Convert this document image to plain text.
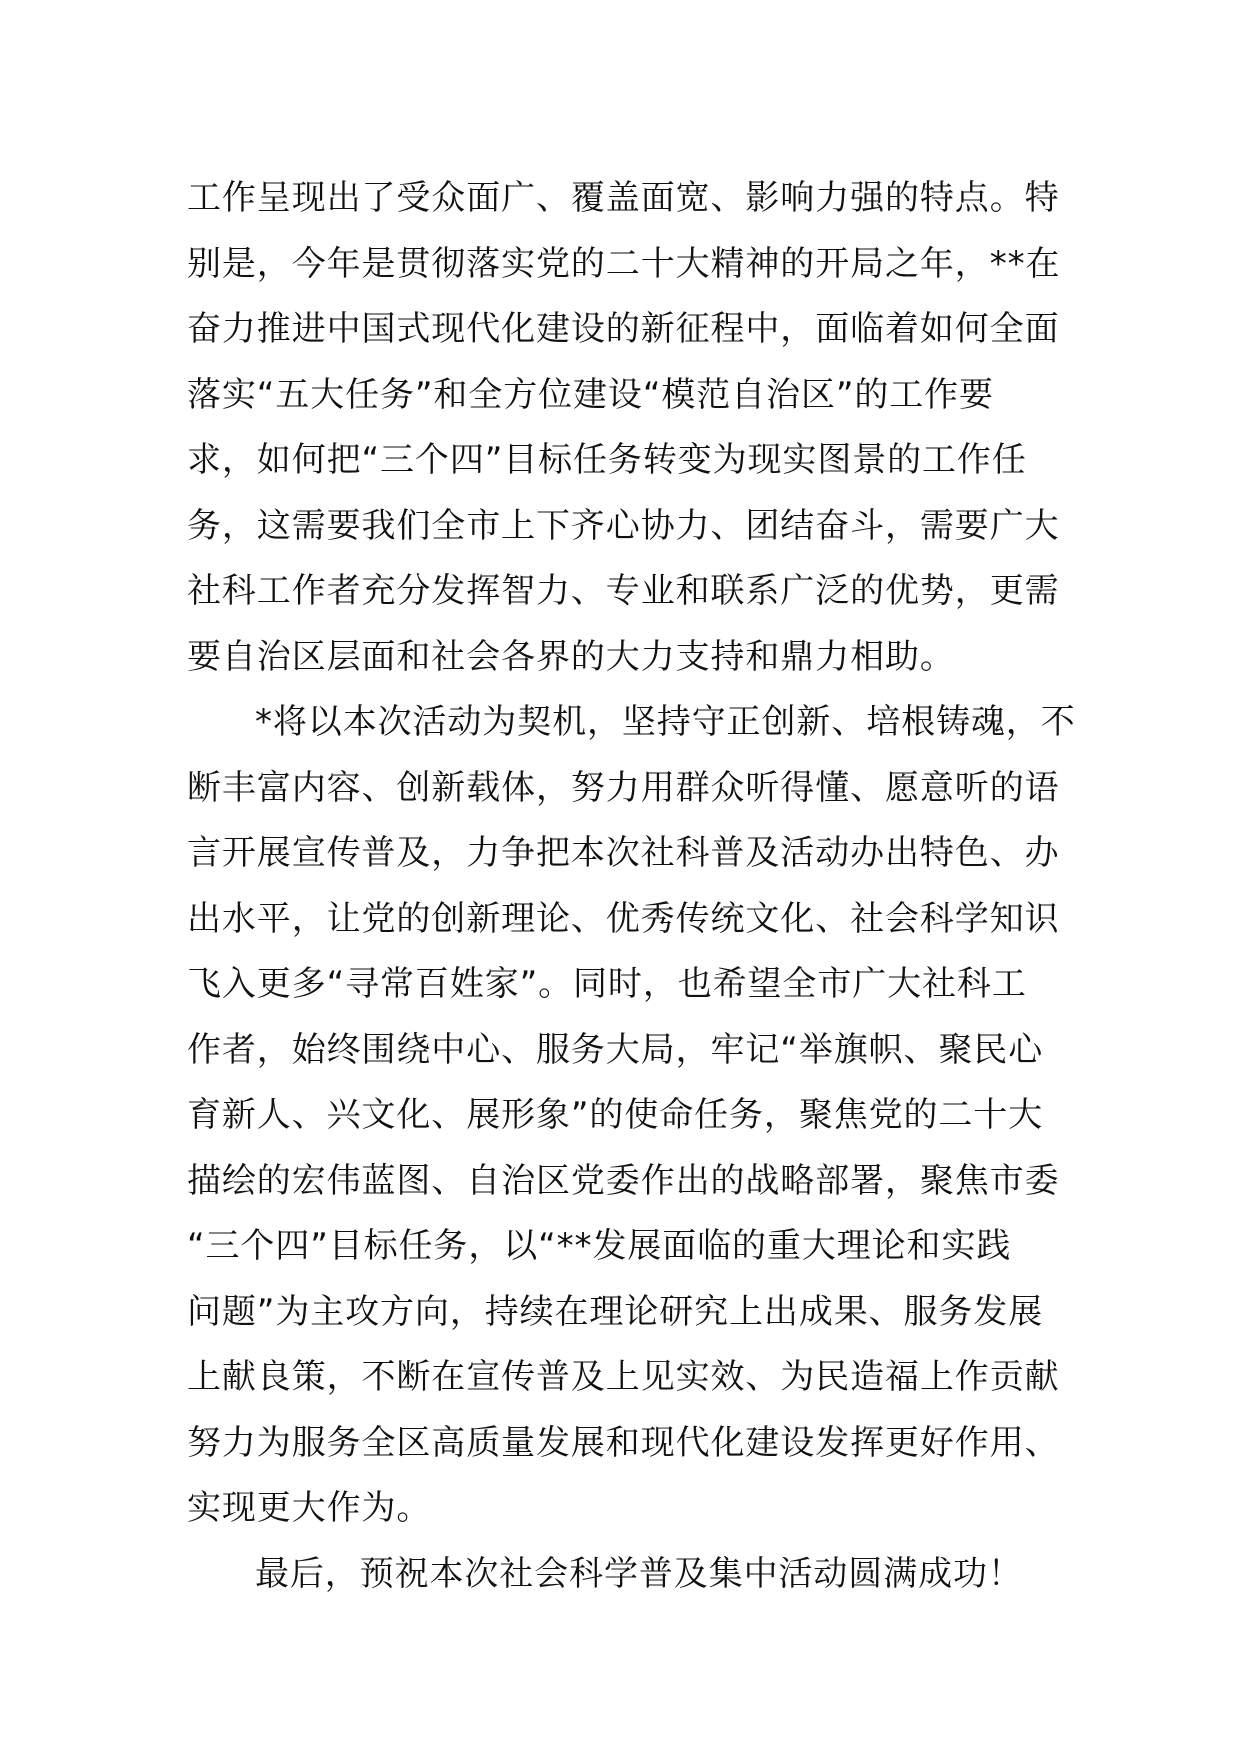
工作呈现出了受众面广、覆盖面宽、影响力强的特点。特
别是，今年是贯彻落实党的二十大精神的开局之年，**在
奋力推进中国式现代化建设的新征程中，面临着如何全面
落实“五大任务”和全方位建设“模范自治区”的工作要
求，如何把“三个四”目标任务转变为现实图景的工作任
务，这需要我们全市上下齐心协力、团结奋斗，需要广大
社科工作者充分发挥智力、专业和联系广泛的优势，更需
要自治区层面和社会各界的大力支持和鼎力相助。
*将以本次活动为契机，坚持守正创新、培根铸魂，不
断丰富内容、创新载体，努力用群众听得懂、愿意听的语
言开展宣传普及，力争把本次社科普及活动办出特色、办
出水平，让党的创新理论、优秀传统文化、社会科学知识
飞入更多“寻常百姓家”。同时，也希望全市广大社科工
作者，始终围绕中心、服务大局，牢记“举旗帜、聚民心
育新人、兴文化、展形象”的使命任务，聚焦党的二十大
描绘的宏伟蓝图、自治区党委作出的战略部署，聚焦市委
“三个四”目标任务，以“**发展面临的重大理论和实践
问题”为主攻方向，持续在理论研究上出成果、服务发展
上献良策，不断在宣传普及上见实效、为民造福上作贡献
努力为服务全区高质量发展和现代化建设发挥更好作用、
实现更大作为。
最后，预祝本次社会科学普及集中活动圆满成功！
